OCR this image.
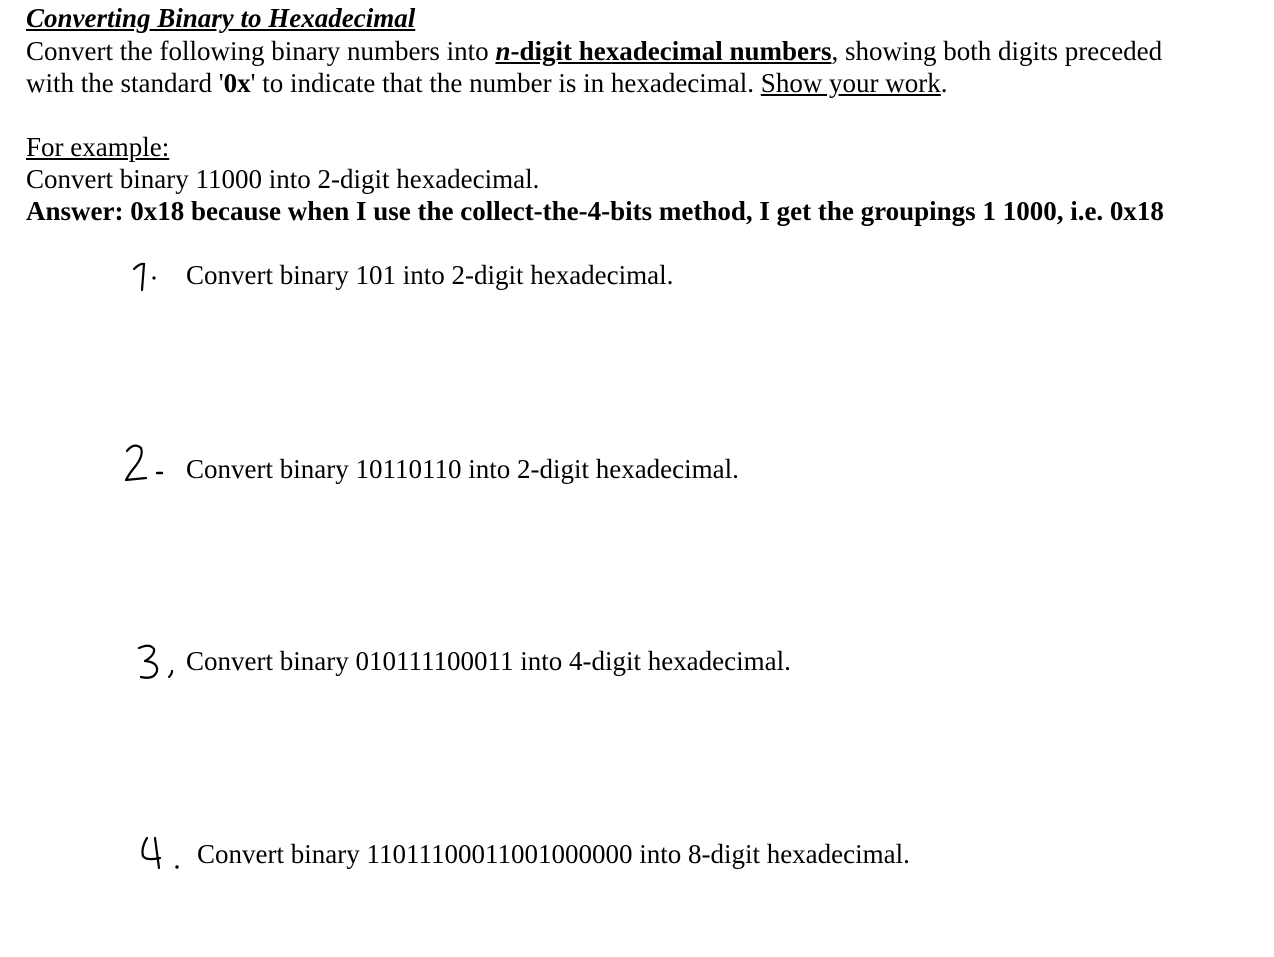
Converting Binary to Hexadecimal
Convert the following binary numbers into n-digit hexadecimal numbers, showing both digits preceded
with the standard '0x' to indicate that the number is in hexadecimal. Show your work.
For example:
Convert binary 11000 into 2-digit hexadecimal.
Answer: 0x18 because when I use the collect-the-4-bits method, I get the groupings 1 1000, i.e. 0x18
Convert binary 101 into 2-digit hexadecimal.
Convert binary 10110110 into 2-digit hexadecimal.
Convert binary 010111100011 into 4-digit hexadecimal.
Convert binary 11011100011001000000 into 8-digit hexadecimal.
